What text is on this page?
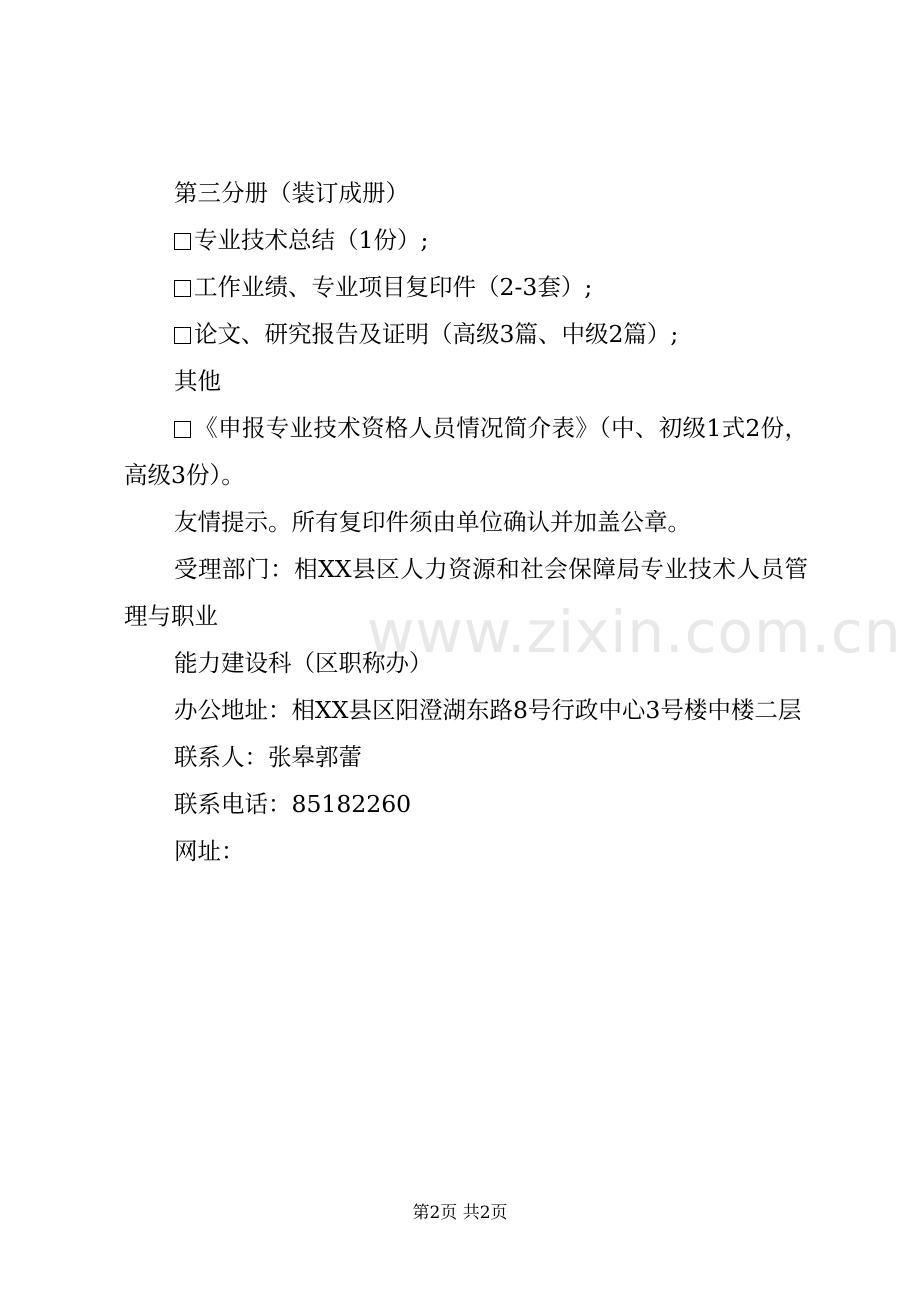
www.zixin.com.cn
第三分册（装订成册）
专业技术总结（1份）;
工作业绩、专业项目复印件（2-3套）;
论文、研究报告及证明（高级3篇、中级2篇）;
其他
《申报专业技术资格人员情况简介表》（中、初级1式2份，高级3份）。
友情提示。所有复印件须由单位确认并加盖公章。
受理部门：相XX县区人力资源和社会保障局专业技术人员管理与职业
能力建设科（区职称办）
办公地址：相XX县区阳澄湖东路8号行政中心3号楼中楼二层
联系人：张皋郭蕾
联系电话：85182260
网址：
第2页 共2页
